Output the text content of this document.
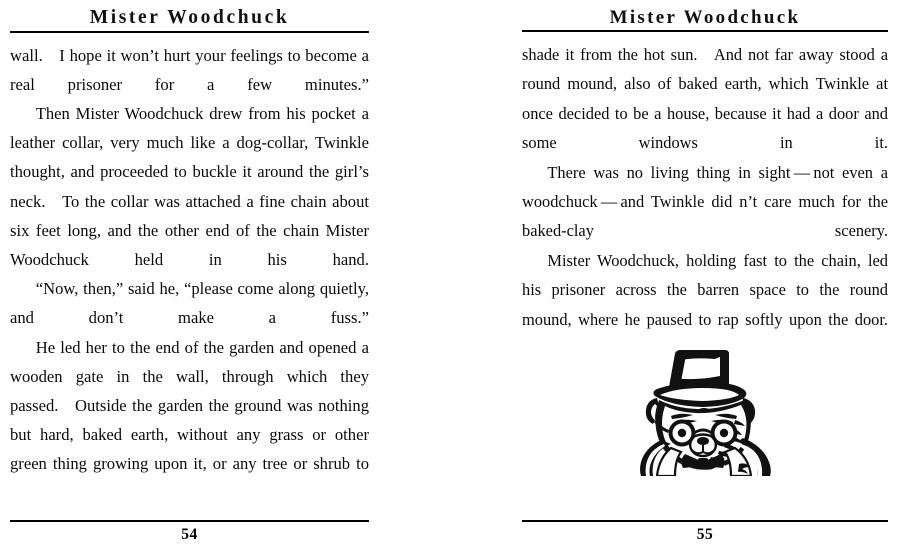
Mister Woodchuck

wall. I hope it won’t hurt your feelings to become a real prisoner for a few minutes.”

Then Mister Woodchuck drew from his pocket a leather collar, very much like a dog-collar, Twinkle thought, and proceeded to buckle it around the girl’s neck. To the collar was attached a fine chain about six feet long, and the other end of the chain Mister Woodchuck held in his hand.

“Now, then,” said he, “please come along quietly, and don’t make a fuss.”

He led her to the end of the garden and opened a wooden gate in the wall, through which they passed. Outside the garden the ground was nothing but hard, baked earth, without any grass or other green thing growing upon it, or any tree or shrub to

54
Mister Woodchuck

shade it from the hot sun. And not far away stood a round mound, also of baked earth, which Twinkle at once decided to be a house, because it had a door and some windows in it.

There was no living thing in sight — not even a woodchuck — and Twinkle did n’t care much for the baked-clay scenery.

Mister Woodchuck, holding fast to the chain, led his prisoner across the barren space to the round mound, where he paused to rap softly upon the door.

55
